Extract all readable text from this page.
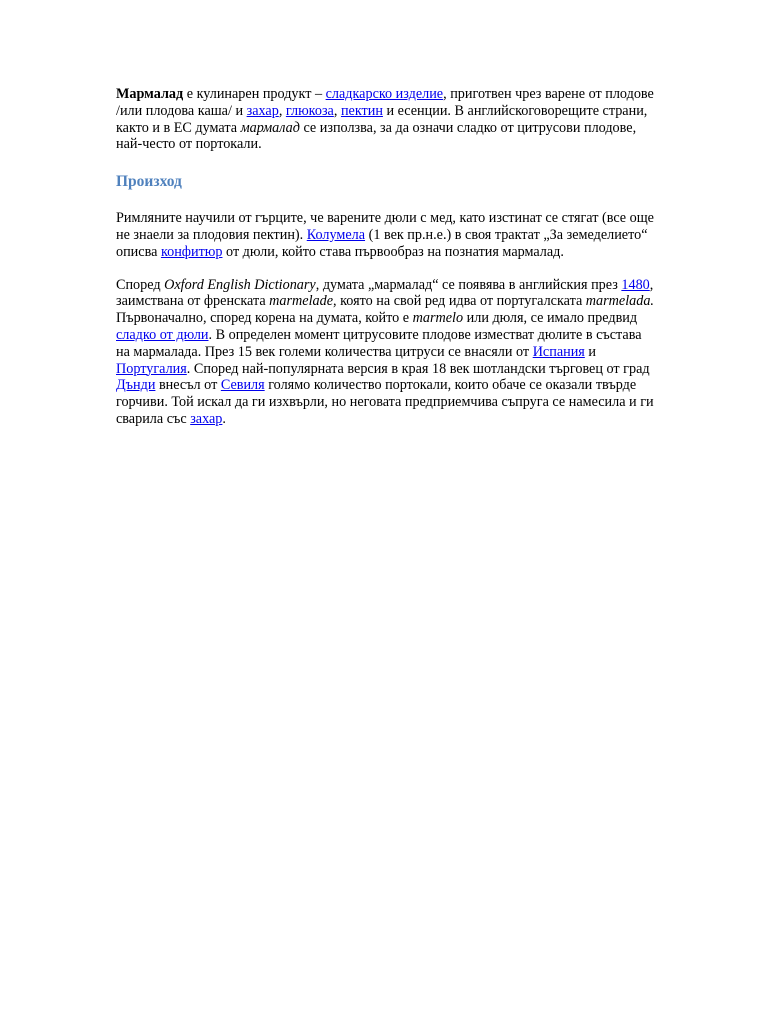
Мармалад е кулинарен продукт – сладкарско изделие, приготвен чрез варене от плодове /или плодова каша/ и захар, глюкоза, пектин и есенции. В английскоговорещите страни, както и в ЕС думата мармалад се използва, за да означи сладко от цитрусови плодове, най-често от портокали.

Произход

Римляните научили от гърците, че варените дюли с мед, като изстинат се стягат (все още не знаели за плодовия пектин). Колумела (1 век пр.н.е.) в своя трактат „За земеделието“ описва конфитюр от дюли, който става първообраз на познатия мармалад.

Според Oxford English Dictionary, думата „мармалад“ се появява в английския през 1480, заимствана от френската marmelade, която на свой ред идва от португалската marmelada. Първоначално, според корена на думата, който е marmelo или дюля, се имало предвид сладко от дюли. В определен момент цитрусовите плодове изместват дюлите в състава на мармалада. През 15 век големи количества цитруси се внасяли от Испания и Португалия. Според най-популярната версия в края 18 век шотландски търговец от град Дънди внесъл от Севиля голямо количество портокали, които обаче се оказали твърде горчиви. Той искал да ги изхвърли, но неговата предприемчива съпруга се намесила и ги сварила със захар.
